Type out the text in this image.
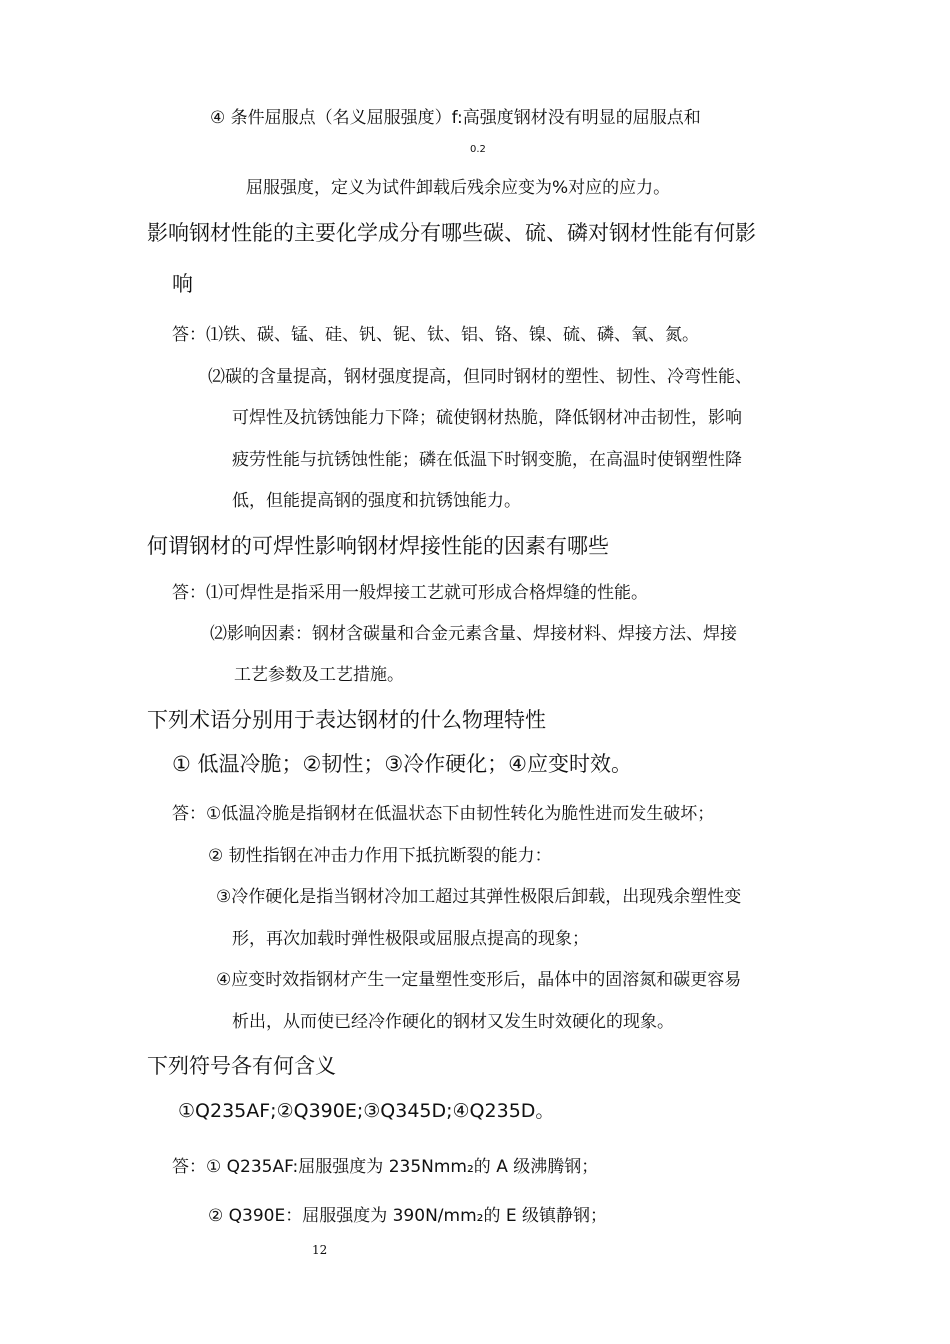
④ 条件屈服点（名义屈服强度）f:高强度钢材没有明显的屈服点和
0.2
屈服强度，定义为试件卸载后残余应变为%对应的应力。
影响钢材性能的主要化学成分有哪些碳、硫、磷对钢材性能有何影
响
答：⑴铁、碳、锰、硅、钒、铌、钛、铝、铬、镍、硫、磷、氧、氮。
⑵碳的含量提高，钢材强度提高，但同时钢材的塑性、韧性、冷弯性能、
可焊性及抗锈蚀能力下降；硫使钢材热脆，降低钢材冲击韧性，影响
疲劳性能与抗锈蚀性能；磷在低温下时钢变脆，在高温时使钢塑性降
低，但能提高钢的强度和抗锈蚀能力。
何谓钢材的可焊性影响钢材焊接性能的因素有哪些
答：⑴可焊性是指采用一般焊接工艺就可形成合格焊缝的性能。
⑵影响因素：钢材含碳量和合金元素含量、焊接材料、焊接方法、焊接
工艺参数及工艺措施。
下列术语分别用于表达钢材的什么物理特性
① 低温冷脆；②韧性；③冷作硬化；④应变时效。
答：①低温冷脆是指钢材在低温状态下由韧性转化为脆性进而发生破坏；
② 韧性指钢在冲击力作用下抵抗断裂的能力：
③冷作硬化是指当钢材冷加工超过其弹性极限后卸载，出现残余塑性变
形，再次加载时弹性极限或屈服点提高的现象；
④应变时效指钢材产生一定量塑性变形后，晶体中的固溶氮和碳更容易
析出，从而使已经冷作硬化的钢材又发生时效硬化的现象。
下列符号各有何含义
①Q235AF;②Q390E;③Q345D;④Q235D。
答：① Q235AF:屈服强度为 235Nmm₂的 A 级沸腾钢；
② Q390E：屈服强度为 390Ν/mm₂的 E 级镇静钢；
12
